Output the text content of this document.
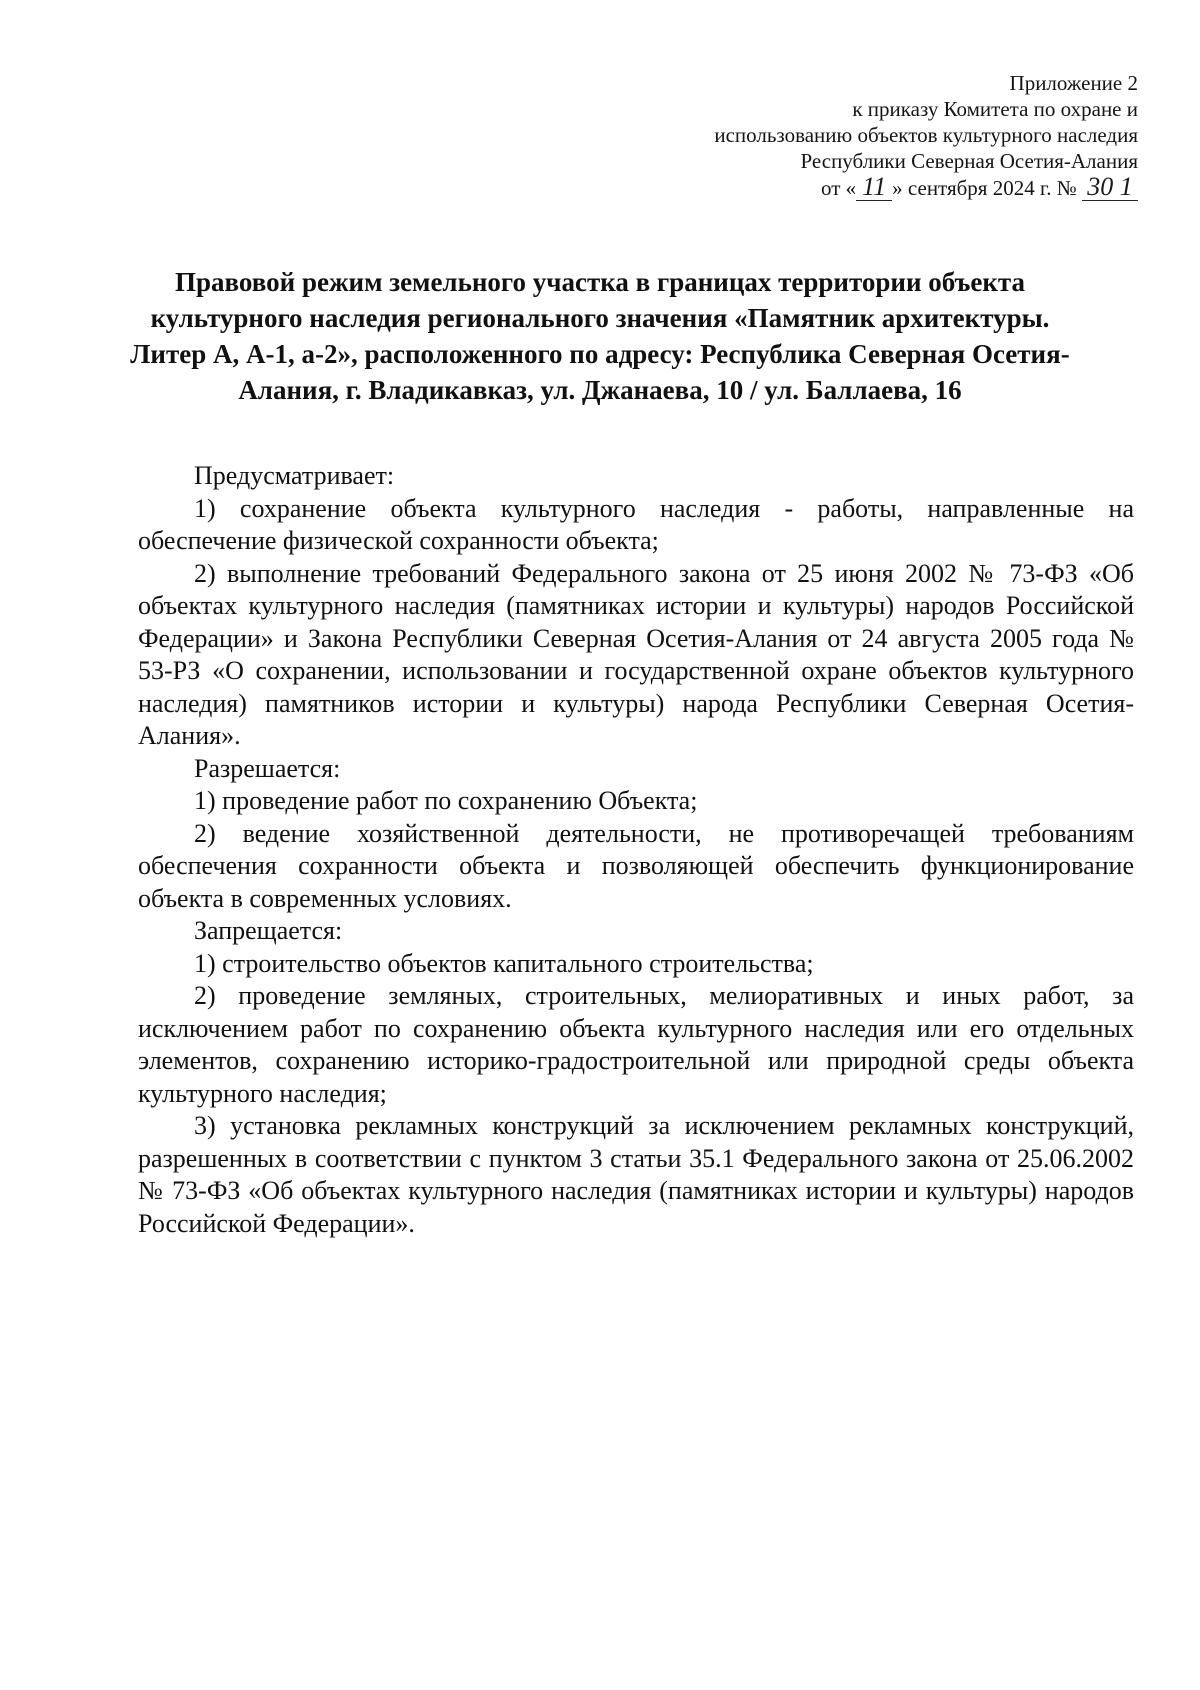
Приложение 2
к приказу Комитета по охране и
использованию объектов культурного наследия
Республики Северная Осетия-Алания
от « 11 » сентября 2024 г. № 30 1
Правовой режим земельного участка в границах территории объекта
культурного наследия регионального значения «Памятник архитектуры.
Литер А, А-1, а-2», расположенного по адресу: Республика Северная Осетия-
Алания, г. Владикавказ, ул. Джанаева, 10 / ул. Баллаева, 16

Предусматривает:

1) сохранение объекта культурного наследия - работы, направленные на обеспечение физической сохранности объекта;

2) выполнение требований Федерального закона от 25 июня 2002 № 73-ФЗ «Об объектах культурного наследия (памятниках истории и культуры) народов Российской Федерации» и Закона Республики Северная Осетия-Алания от 24 августа 2005 года № 53-РЗ «О сохранении, использовании и государственной охране объектов культурного наследия) памятников истории и культуры) народа Республики Северная Осетия-Алания».

Разрешается:

1) проведение работ по сохранению Объекта;

2) ведение хозяйственной деятельности, не противоречащей требованиям обеспечения сохранности объекта и позволяющей обеспечить функционирование объекта в современных условиях.

Запрещается:

1) строительство объектов капитального строительства;

2) проведение земляных, строительных, мелиоративных и иных работ, за исключением работ по сохранению объекта культурного наследия или его отдельных элементов, сохранению историко-градостроительной или природной среды объекта культурного наследия;

3) установка рекламных конструкций за исключением рекламных конструкций, разрешенных в соответствии с пунктом 3 статьи 35.1 Федерального закона от 25.06.2002 № 73-ФЗ «Об объектах культурного наследия (памятниках истории и культуры) народов Российской Федерации».
